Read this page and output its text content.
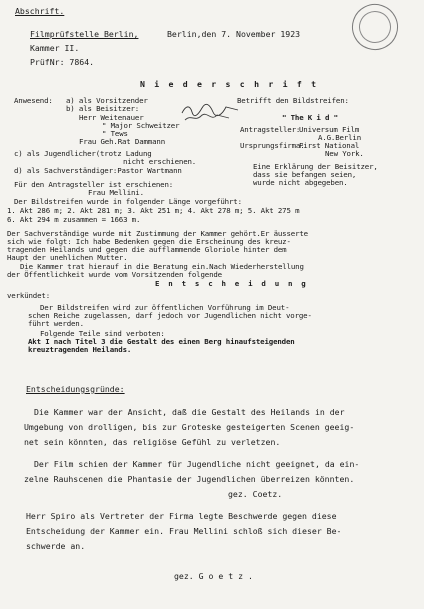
Abschrift.
Filmprüfstelle Berlin,	Berlin,den 7. November 1923
Kammer II.
PrüfNr: 7864.
N i e d e r s c h r i f t
Anwesend: a) als Vorsitzender

	Betrifft den Bildstreifen:
b) als Beisitzer:

Herr Weitenauer	" The K i d "
" Major Schweitzer
" Tews
Frau Geh.Rat Dammann
Antragsteller:
Universum Film
A.G.Berlin
Ursprungsfirma:
First National
New York.
c) als Jugendlicher(trotz Ladung
nicht erschienen.
d) als Sachverständiger:Pastor Wartmann	Eine Erklärung der Beisitzer,
dass sie befangen seien,
wurde nicht abgegeben.
Für den Antragsteller ist erschienen:
Frau Mellini.
Der Bildstreifen wurde in folgender Länge vorgeführt:
1. Akt 286 m; 2. Akt 281 m; 3. Akt 251 m; 4. Akt 278 m; 5. Akt 275 m
6. Akt 294 m zusammen = 1663 m.
Der Sachverständige wurde mit Zustimmung der Kammer gehört.Er äusserte
sich wie folgt: Ich habe Bedenken gegen die Erscheinung des kreuz-
tragenden Heilands und gegen die aufflammende Gloriole hinter dem
Haupt der unehlichen Mutter.
Die Kammer trat hierauf in die Beratung ein.Nach Wiederherstellung
der Öffentlichkeit wurde vom Vorsitzenden folgende
E n t s c h e i d u n g
verkündet:
Der Bildstreifen wird zur öffentlichen Vorführung im Deut-
schen Reiche zugelassen, darf jedoch vor Jugendlichen nicht vorge-
führt werden.
Folgende Teile sind verboten:
Akt I nach Titel 3 die Gestalt des einen Berg hinaufsteigenden
kreuztragenden Heilands.
Entscheidungsgründe:
Die Kammer war der Ansicht, daß die Gestalt des Heilands in der
Umgebung von drolligen, bis zur Groteske gesteigerten Scenen geeig-
net sein könnten, das religiöse Gefühl zu verletzen.
Der Film schien der Kammer für Jugendliche nicht geeignet, da ein-
zelne Rauhscenen die Phantasie der Jugendlichen überreizen könnten.
gez. Coetz.
Herr Spiro als Vertreter der Firma legte Beschwerde gegen diese
Entscheidung der Kammer ein. Frau Mellini schloß sich dieser Be-
schwerde an.
gez. G o e t z .
